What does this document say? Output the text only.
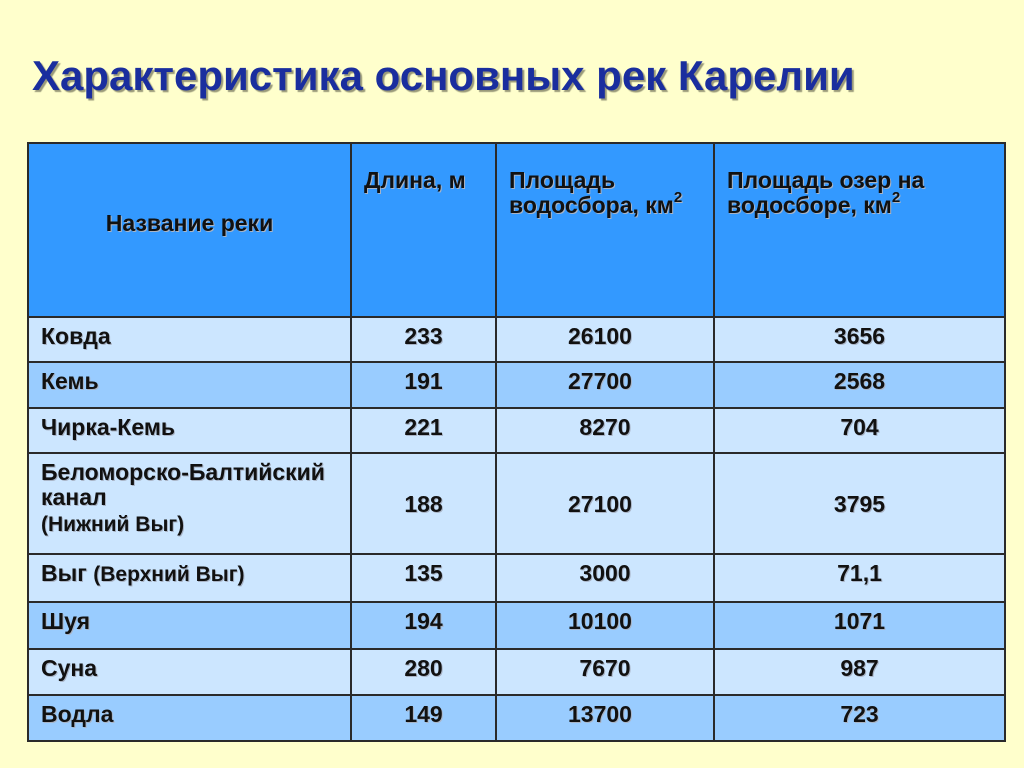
Характеристика основных рек Карелии
Название реки	Длина, м	Площадь водосбора, $км^2$	Площадь озер на водосборе, $км^2$
Ковда	233	26100	3656
Кемь	191	27700	2568
Чирка-Кемь	221	8270	704
Беломорско-Балтийский канал
(Нижний Выг)	188	27100	3795
Выг (Верхний Выг)	135	3000	71,1
Шуя	194	10100	1071
Суна	280	7670	987
Водла	149	13700	723
